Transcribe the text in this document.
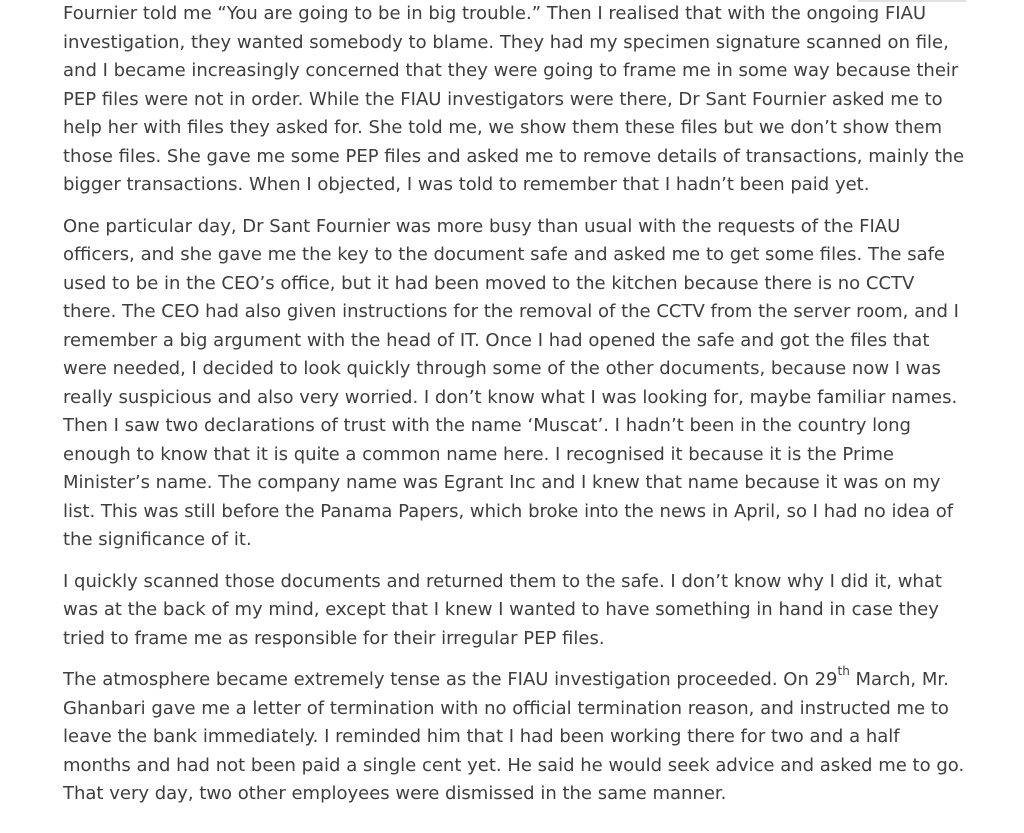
Fournier told me “You are going to be in big trouble.” Then I realised that with the ongoing FIAU investigation, they wanted somebody to blame. They had my specimen signature scanned on file, and I became increasingly concerned that they were going to frame me in some way because their PEP files were not in order. While the FIAU investigators were there, Dr Sant Fournier asked me to help her with files they asked for. She told me, we show them these files but we don’t show them those files. She gave me some PEP files and asked me to remove details of transactions, mainly the bigger transactions. When I objected, I was told to remember that I hadn’t been paid yet.

One particular day, Dr Sant Fournier was more busy than usual with the requests of the FIAU officers, and she gave me the key to the document safe and asked me to get some files. The safe used to be in the CEO’s office, but it had been moved to the kitchen because there is no CCTV there. The CEO had also given instructions for the removal of the CCTV from the server room, and I remember a big argument with the head of IT. Once I had opened the safe and got the files that were needed, I decided to look quickly through some of the other documents, because now I was really suspicious and also very worried. I don’t know what I was looking for, maybe familiar names. Then I saw two declarations of trust with the name ‘Muscat’. I hadn’t been in the country long enough to know that it is quite a common name here. I recognised it because it is the Prime Minister’s name. The company name was Egrant Inc and I knew that name because it was on my list. This was still before the Panama Papers, which broke into the news in April, so I had no idea of the significance of it.

I quickly scanned those documents and returned them to the safe. I don’t know why I did it, what was at the back of my mind, except that I knew I wanted to have something in hand in case they tried to frame me as responsible for their irregular PEP files.

The atmosphere became extremely tense as the FIAU investigation proceeded. On 29th March, Mr. Ghanbari gave me a letter of termination with no official termination reason, and instructed me to leave the bank immediately. I reminded him that I had been working there for two and a half months and had not been paid a single cent yet. He said he would seek advice and asked me to go. That very day, two other employees were dismissed in the same manner.
